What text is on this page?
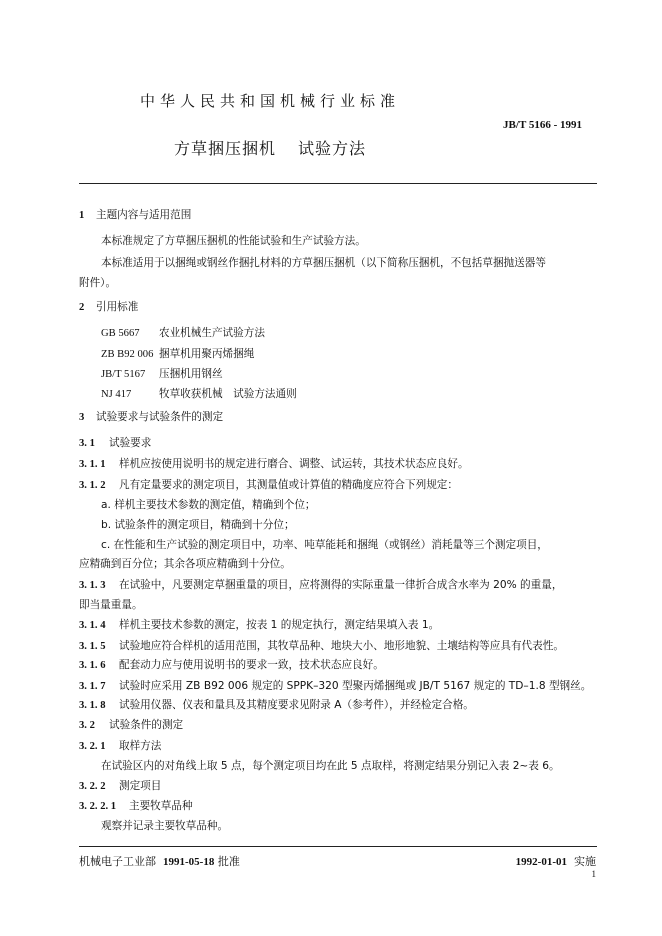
中华人民共和国机械行业标准
JB/T 5166 - 1991
方草捆压捆机 试验方法
1 主题内容与适用范围
本标准规定了方草捆压捆机的性能试验和生产试验方法。
本标准适用于以捆绳或钢丝作捆扎材料的方草捆压捆机（以下简称压捆机，不包括草捆抛送器等
附件）。
2 引用标准
GB 5667 农业机械生产试验方法
ZB B92 006 捆草机用聚丙烯捆绳
JB/T 5167 压捆机用钢丝
NJ 417	牧草收获机械　试验方法通则
3 试验要求与试验条件的测定
3. 1 试验要求
3. 1. 1 样机应按使用说明书的规定进行磨合、调整、试运转，其技术状态应良好。
3. 1. 2 凡有定量要求的测定项目，其测量值或计算值的精确度应符合下列规定：
a. 样机主要技术参数的测定值，精确到个位；
b. 试验条件的测定项目，精确到十分位；
c. 在性能和生产试验的测定项目中，功率、吨草能耗和捆绳（或钢丝）消耗量等三个测定项目，
应精确到百分位；其余各项应精确到十分位。
3. 1. 3 在试验中，凡要测定草捆重量的项目，应将测得的实际重量一律折合成含水率为 20% 的重量，
即当量重量。
3. 1. 4 样机主要技术参数的测定，按表 1 的规定执行，测定结果填入表 1。
3. 1. 5 试验地应符合样机的适用范围，其牧草品种、地块大小、地形地貌、土壤结构等应具有代表性。
3. 1. 6 配套动力应与使用说明书的要求一致，技术状态应良好。
3. 1. 7 试验时应采用 ZB B92 006 规定的 SPPK–320 型聚丙烯捆绳或 JB/T 5167 规定的 TD–1.8 型钢丝。
3. 1. 8 试验用仪器、仪表和量具及其精度要求见附录 A（参考件），并经检定合格。
3. 2 试验条件的测定
3. 2. 1 取样方法
在试验区内的对角线上取 5 点，每个测定项目均在此 5 点取样，将测定结果分别记入表 2~表 6。
3. 2. 2 测定项目
3. 2. 2. 1 主要牧草品种
观察并记录主要牧草品种。
机械电子工业部 1991-05-18 批准	1992-01-01 实施
1
